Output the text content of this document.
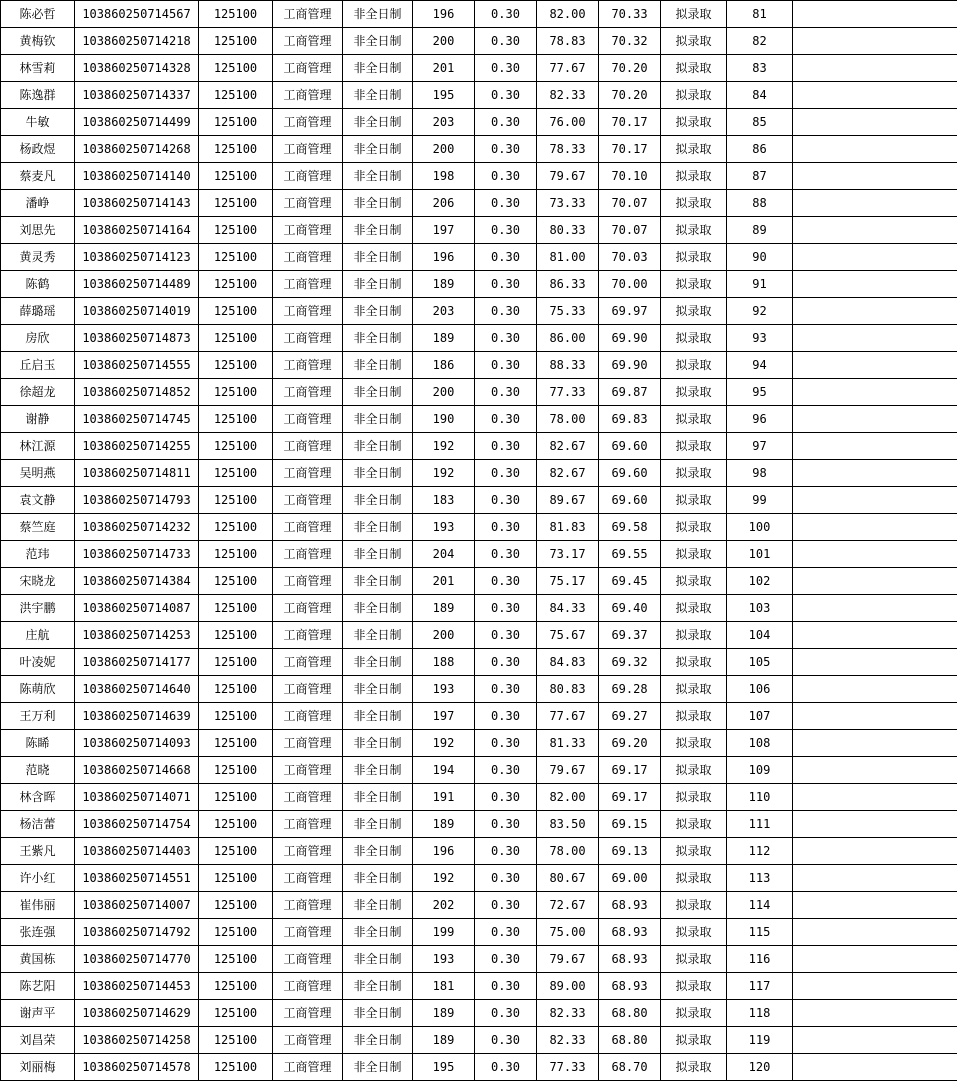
陈必哲	103860250714567	125100	工商管理	非全日制	196	0.30	82.00	70.33	拟录取	81	
黄梅钦	103860250714218	125100	工商管理	非全日制	200	0.30	78.83	70.32	拟录取	82	
林雪莉	103860250714328	125100	工商管理	非全日制	201	0.30	77.67	70.20	拟录取	83	
陈逸群	103860250714337	125100	工商管理	非全日制	195	0.30	82.33	70.20	拟录取	84	
牛敏	103860250714499	125100	工商管理	非全日制	203	0.30	76.00	70.17	拟录取	85	
杨政煜	103860250714268	125100	工商管理	非全日制	200	0.30	78.33	70.17	拟录取	86	
蔡麦凡	103860250714140	125100	工商管理	非全日制	198	0.30	79.67	70.10	拟录取	87	
潘峥	103860250714143	125100	工商管理	非全日制	206	0.30	73.33	70.07	拟录取	88	
刘思先	103860250714164	125100	工商管理	非全日制	197	0.30	80.33	70.07	拟录取	89	
黄灵秀	103860250714123	125100	工商管理	非全日制	196	0.30	81.00	70.03	拟录取	90	
陈鹤	103860250714489	125100	工商管理	非全日制	189	0.30	86.33	70.00	拟录取	91	
薛璐瑶	103860250714019	125100	工商管理	非全日制	203	0.30	75.33	69.97	拟录取	92	
房欣	103860250714873	125100	工商管理	非全日制	189	0.30	86.00	69.90	拟录取	93	
丘启玉	103860250714555	125100	工商管理	非全日制	186	0.30	88.33	69.90	拟录取	94	
徐超龙	103860250714852	125100	工商管理	非全日制	200	0.30	77.33	69.87	拟录取	95	
谢静	103860250714745	125100	工商管理	非全日制	190	0.30	78.00	69.83	拟录取	96	
林江源	103860250714255	125100	工商管理	非全日制	192	0.30	82.67	69.60	拟录取	97	
吴明燕	103860250714811	125100	工商管理	非全日制	192	0.30	82.67	69.60	拟录取	98	
袁文静	103860250714793	125100	工商管理	非全日制	183	0.30	89.67	69.60	拟录取	99	
蔡竺庭	103860250714232	125100	工商管理	非全日制	193	0.30	81.83	69.58	拟录取	100	
范玮	103860250714733	125100	工商管理	非全日制	204	0.30	73.17	69.55	拟录取	101	
宋晓龙	103860250714384	125100	工商管理	非全日制	201	0.30	75.17	69.45	拟录取	102	
洪宇鹏	103860250714087	125100	工商管理	非全日制	189	0.30	84.33	69.40	拟录取	103	
庄航	103860250714253	125100	工商管理	非全日制	200	0.30	75.67	69.37	拟录取	104	
叶凌妮	103860250714177	125100	工商管理	非全日制	188	0.30	84.83	69.32	拟录取	105	
陈萌欣	103860250714640	125100	工商管理	非全日制	193	0.30	80.83	69.28	拟录取	106	
王万利	103860250714639	125100	工商管理	非全日制	197	0.30	77.67	69.27	拟录取	107	
陈睎	103860250714093	125100	工商管理	非全日制	192	0.30	81.33	69.20	拟录取	108	
范晓	103860250714668	125100	工商管理	非全日制	194	0.30	79.67	69.17	拟录取	109	
林含晖	103860250714071	125100	工商管理	非全日制	191	0.30	82.00	69.17	拟录取	110	
杨洁蕾	103860250714754	125100	工商管理	非全日制	189	0.30	83.50	69.15	拟录取	111	
王紫凡	103860250714403	125100	工商管理	非全日制	196	0.30	78.00	69.13	拟录取	112	
许小红	103860250714551	125100	工商管理	非全日制	192	0.30	80.67	69.00	拟录取	113	
崔伟丽	103860250714007	125100	工商管理	非全日制	202	0.30	72.67	68.93	拟录取	114	
张连强	103860250714792	125100	工商管理	非全日制	199	0.30	75.00	68.93	拟录取	115	
黄国栋	103860250714770	125100	工商管理	非全日制	193	0.30	79.67	68.93	拟录取	116	
陈艺阳	103860250714453	125100	工商管理	非全日制	181	0.30	89.00	68.93	拟录取	117	
谢声平	103860250714629	125100	工商管理	非全日制	189	0.30	82.33	68.80	拟录取	118	
刘昌荣	103860250714258	125100	工商管理	非全日制	189	0.30	82.33	68.80	拟录取	119	
刘丽梅	103860250714578	125100	工商管理	非全日制	195	0.30	77.33	68.70	拟录取	120	
